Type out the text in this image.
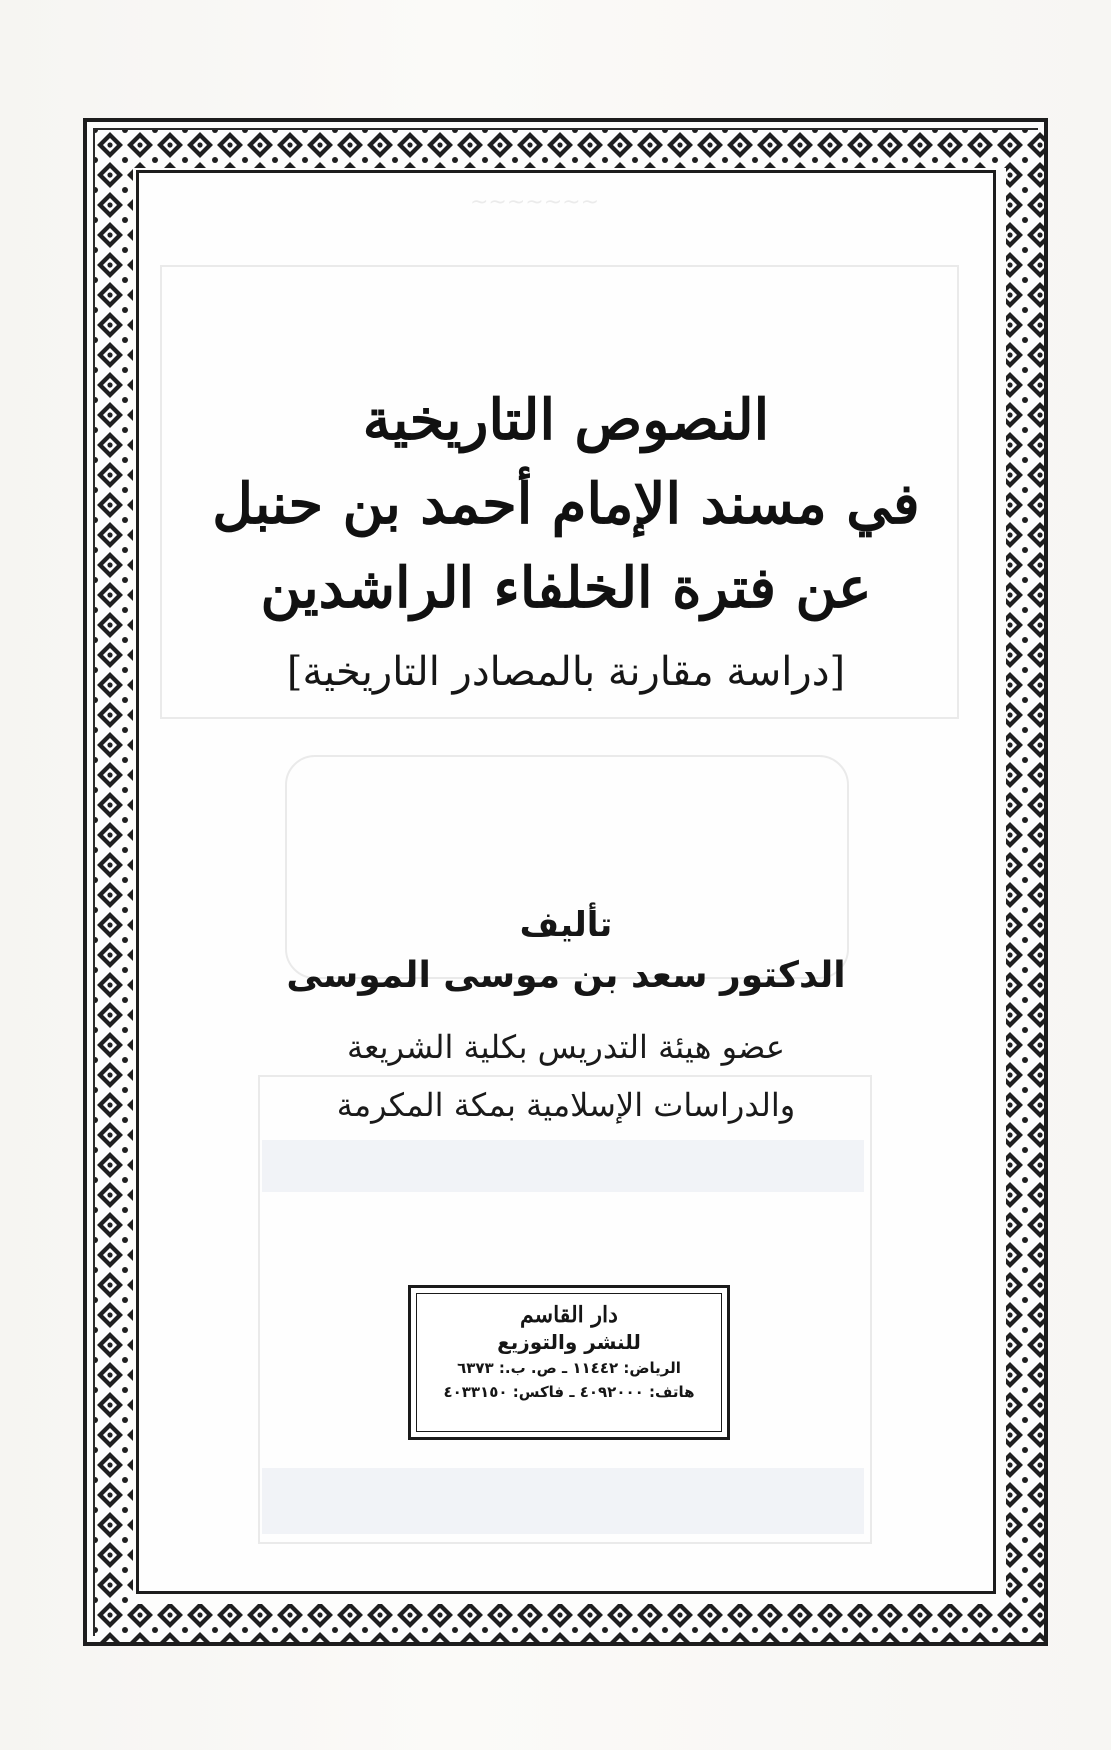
~~~~~~~
النصوص التاريخية
في مسند الإمام أحمد بن حنبل
عن فترة الخلفاء الراشدين
[دراسة مقارنة بالمصادر التاريخية]
تأليف
الدكتور سعد بن موسى الموسى
عضو هيئة التدريس بكلية الشريعة
والدراسات الإسلامية بمكة المكرمة
دار القاسم
للنشر والتوزيع
الرياض: ١١٤٤٢ ـ ص. ب.: ٦٣٧٣
هاتف: ٤٠٩٢٠٠٠ ـ فاكس: ٤٠٣٣١٥٠
